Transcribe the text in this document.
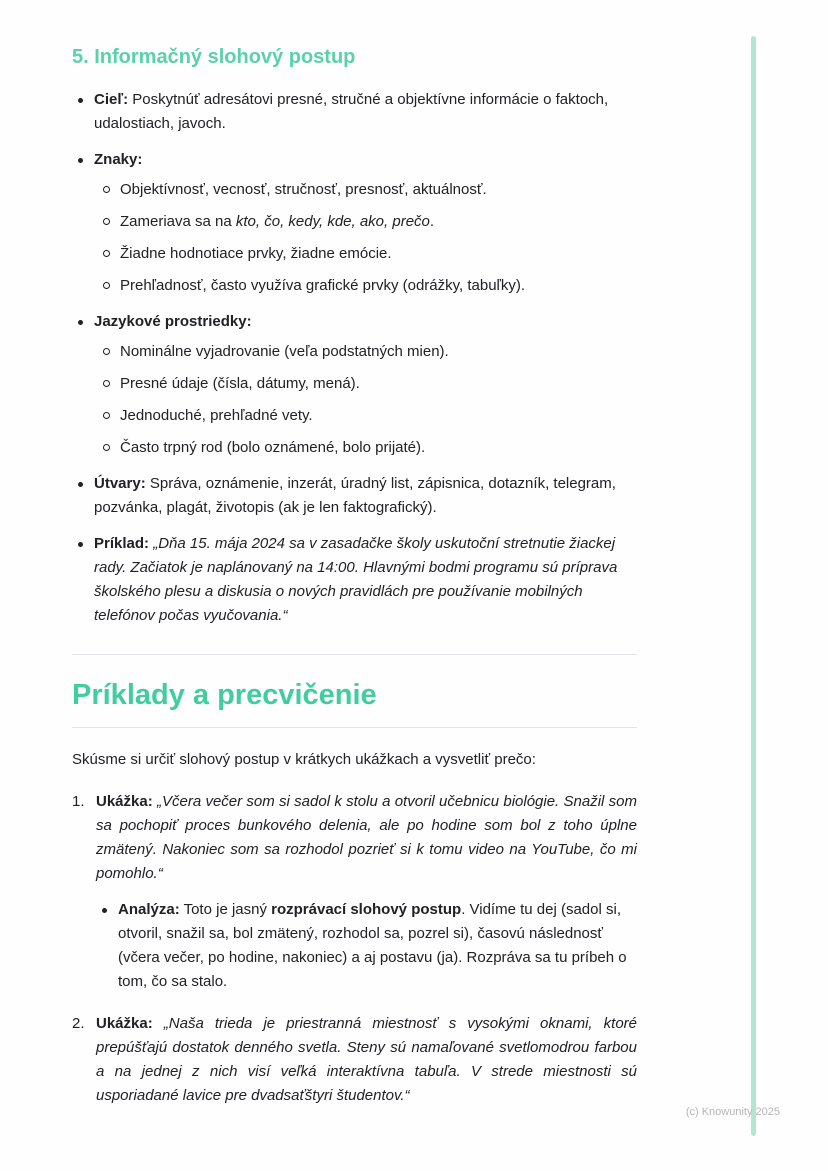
5. Informačný slohový postup
Cieľ: Poskytnúť adresátovi presné, stručné a objektívne informácie o faktoch, udalostiach, javoch.
Znaky:
Objektívnosť, vecnosť, stručnosť, presnosť, aktuálnosť.
Zameriava sa na kto, čo, kedy, kde, ako, prečo.
Žiadne hodnotiace prvky, žiadne emócie.
Prehľadnosť, často využíva grafické prvky (odrážky, tabuľky).
Jazykové prostriedky:
Nominálne vyjadrovanie (veľa podstatných mien).
Presné údaje (čísla, dátumy, mená).
Jednoduché, prehľadné vety.
Často trpný rod (bolo oznámené, bolo prijaté).
Útvary: Správa, oznámenie, inzerát, úradný list, zápisnica, dotazník, telegram, pozvánka, plagát, životopis (ak je len faktografický).
Príklad: „Dňa 15. mája 2024 sa v zasadačke školy uskutoční stretnutie žiackej rady. Začiatok je naplánovaný na 14:00. Hlavnými bodmi programu sú príprava školského plesu a diskusia o nových pravidlách pre používanie mobilných telefónov počas vyučovania.“
Príklady a precvičenie

Skúsme si určiť slohový postup v krátkych ukážkach a vysvetliť prečo:

1. Ukážka: „Včera večer som si sadol k stolu a otvoril učebnicu biológie. Snažil som sa pochopiť proces bunkového delenia, ale po hodine som bol z toho úplne zmätený. Nakoniec som sa rozhodol pozrieť si k tomu video na YouTube, čo mi pomohlo.“

Analýza: Toto je jasný rozprávací slohový postup. Vidíme tu dej (sadol si, otvoril, snažil sa, bol zmätený, rozhodol sa, pozrel si), časovú následnosť (včera večer, po hodine, nakoniec) a aj postavu (ja). Rozpráva sa tu príbeh o tom, čo sa stalo.
2. Ukážka: „Naša trieda je priestranná miestnosť s vysokými oknami, ktoré prepúšťajú dostatok denného svetla. Steny sú namaľované svetlomodrou farbou a na jednej z nich visí veľká interaktívna tabuľa. V strede miestnosti sú usporiadané lavice pre dvadsaťštyri študentov.“

(c) Knowunity 2025
